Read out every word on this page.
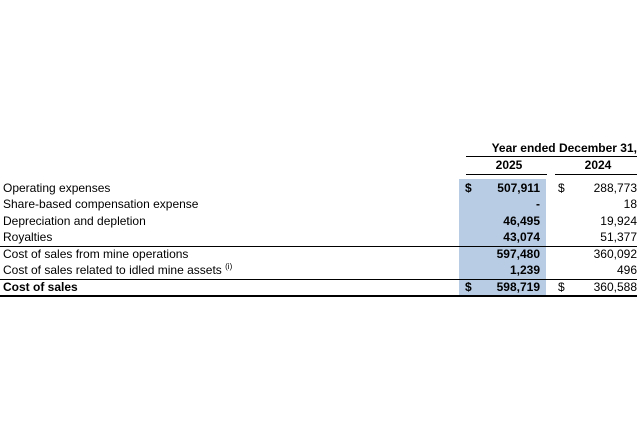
Year ended December 31,
2025	2024
Operating expenses	$	507,911 $	288,773
Share-based compensation expense	-	18
Depreciation and depletion	46,495	19,924
Royalties	43,074	51,377
Cost of sales from mine operations	597,480	360,092
Cost of sales related to idled mine assets $^{(i)}$	1,239	496
Cost of sales	$	598,719 $	360,588
